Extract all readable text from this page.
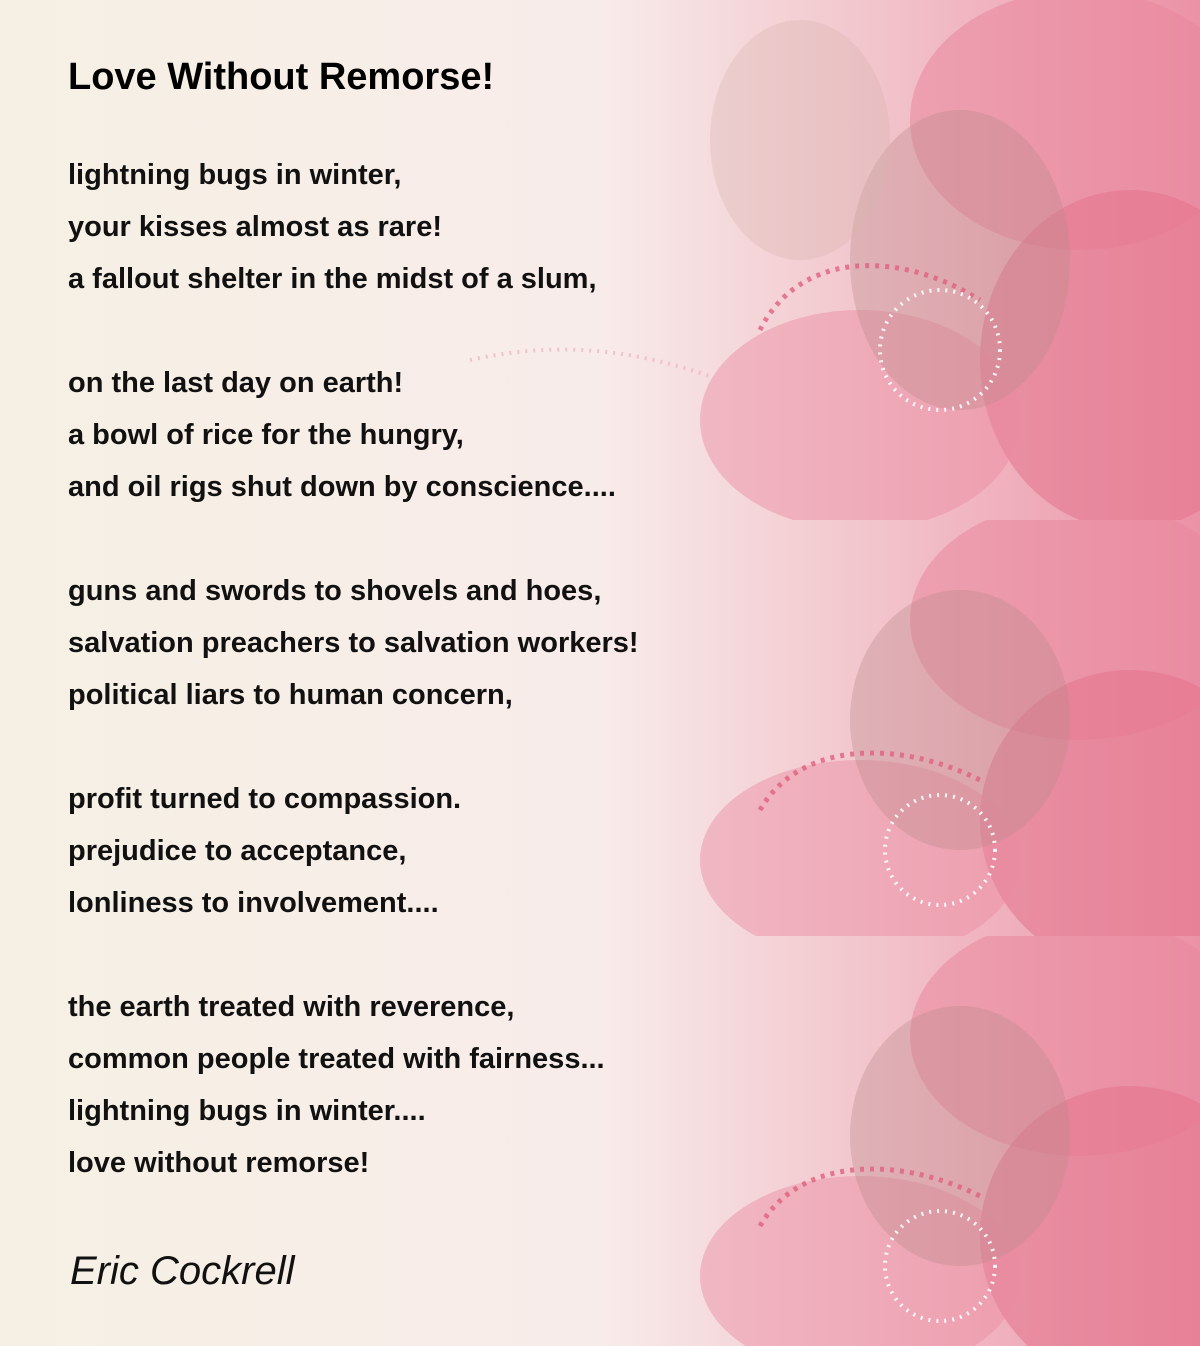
Love Without Remorse!
lightning bugs in winter,
your kisses almost as rare!
a fallout shelter in the midst of a slum,
on the last day on earth!
a bowl of rice for the hungry,
and oil rigs shut down by conscience....
guns and swords to shovels and hoes,
salvation preachers to salvation workers!
political liars to human concern,
profit turned to compassion.
prejudice to acceptance,
lonliness to involvement....
the earth treated with reverence,
common people treated with fairness...
lightning bugs in winter....
love without remorse!
Eric Cockrell
